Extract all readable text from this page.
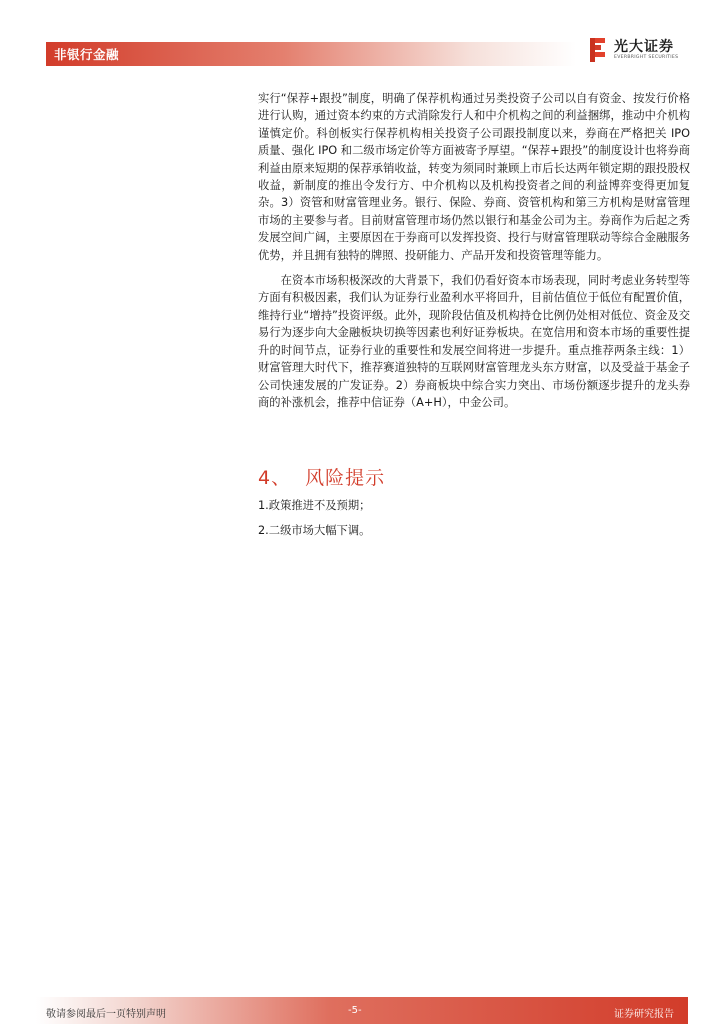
非银行金融	光大证券
EVERBRIGHT SECURITIES

实行“保荐+跟投”制度，明确了保荐机构通过另类投资子公司以自有资金、按发行价格进行认购，通过资本约束的方式消除发行人和中介机构之间的利益捆绑，推动中介机构谨慎定价。科创板实行保荐机构相关投资子公司跟投制度以来，券商在严格把关 IPO 质量、强化 IPO 和二级市场定价等方面被寄予厚望。“保荐+跟投”的制度设计也将券商利益由原来短期的保荐承销收益，转变为须同时兼顾上市后长达两年锁定期的跟投股权收益，新制度的推出令发行方、中介机构以及机构投资者之间的利益博弈变得更加复杂。3）资管和财富管理业务。银行、保险、券商、资管机构和第三方机构是财富管理市场的主要参与者。目前财富管理市场仍然以银行和基金公司为主。券商作为后起之秀发展空间广阔，主要原因在于券商可以发挥投资、投行与财富管理联动等综合金融服务优势，并且拥有独特的牌照、投研能力、产品开发和投资管理等能力。

在资本市场积极深改的大背景下，我们仍看好资本市场表现，同时考虑业务转型等方面有积极因素，我们认为证券行业盈利水平将回升，目前估值位于低位有配置价值，维持行业“增持”投资评级。此外，现阶段估值及机构持仓比例仍处相对低位、资金及交易行为逐步向大金融板块切换等因素也利好证券板块。在宽信用和资本市场的重要性提升的时间节点，证券行业的重要性和发展空间将进一步提升。重点推荐两条主线：1）财富管理大时代下，推荐赛道独特的互联网财富管理龙头东方财富，以及受益于基金子公司快速发展的广发证券。2）券商板块中综合实力突出、市场份额逐步提升的龙头券商的补涨机会，推荐中信证券（A+H），中金公司。

4、 风险提示
1.政策推进不及预期；
2.二级市场大幅下调。
敬请参阅最后一页特别声明	-5-	证券研究报告
